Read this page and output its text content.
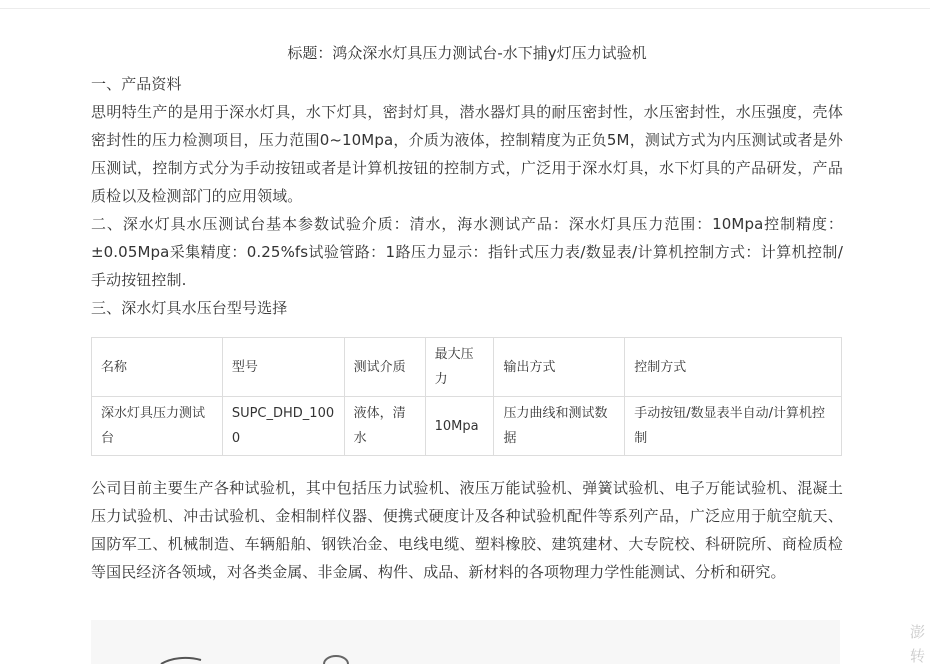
标题：鸿众深水灯具压力测试台-水下捕y灯压力试验机

一、产品资料

思明特生产的是用于深水灯具，水下灯具，密封灯具，潜水器灯具的耐压密封性，水压密封性，水压强度，壳体密封性的压力检测项目，压力范围0~10Mpa，介质为液体，控制精度为正负5M，测试方式为内压测试或者是外压测试，控制方式分为手动按钮或者是计算机按钮的控制方式，广泛用于深水灯具，水下灯具的产品研发，产品质检以及检测部门的应用领域。

二、深水灯具水压测试台基本参数试验介质：清水，海水测试产品：深水灯具压力范围：10Mpa控制精度：±0.05Mpa采集精度：0.25%fs试验管路：1路压力显示：指针式压力表/数显表/计算机控制方式：计算机控制/手动按钮控制.

三、深水灯具水压台型号选择

名称	型号	测试介质	最大压力	输出方式	控制方式
深水灯具压力测试台	SUPC_DHD_1000	液体，清水	10Mpa	压力曲线和测试数据	手动按钮/数显表半自动/计算机控制

公司目前主要生产各种试验机，其中包括压力试验机、液压万能试验机、弹簧试验机、电子万能试验机、混凝土压力试验机、冲击试验机、金相制样仪器、便携式硬度计及各种试验机配件等系列产品，广泛应用于航空航天、国防军工、机械制造、车辆船舶、钢铁冶金、电线电缆、塑料橡胶、建筑建材、大专院校、科研院所、商检质检等国民经济各领域，对各类金属、非金属、构件、成品、新材料的各项物理力学性能测试、分析和研究。

澎
转
